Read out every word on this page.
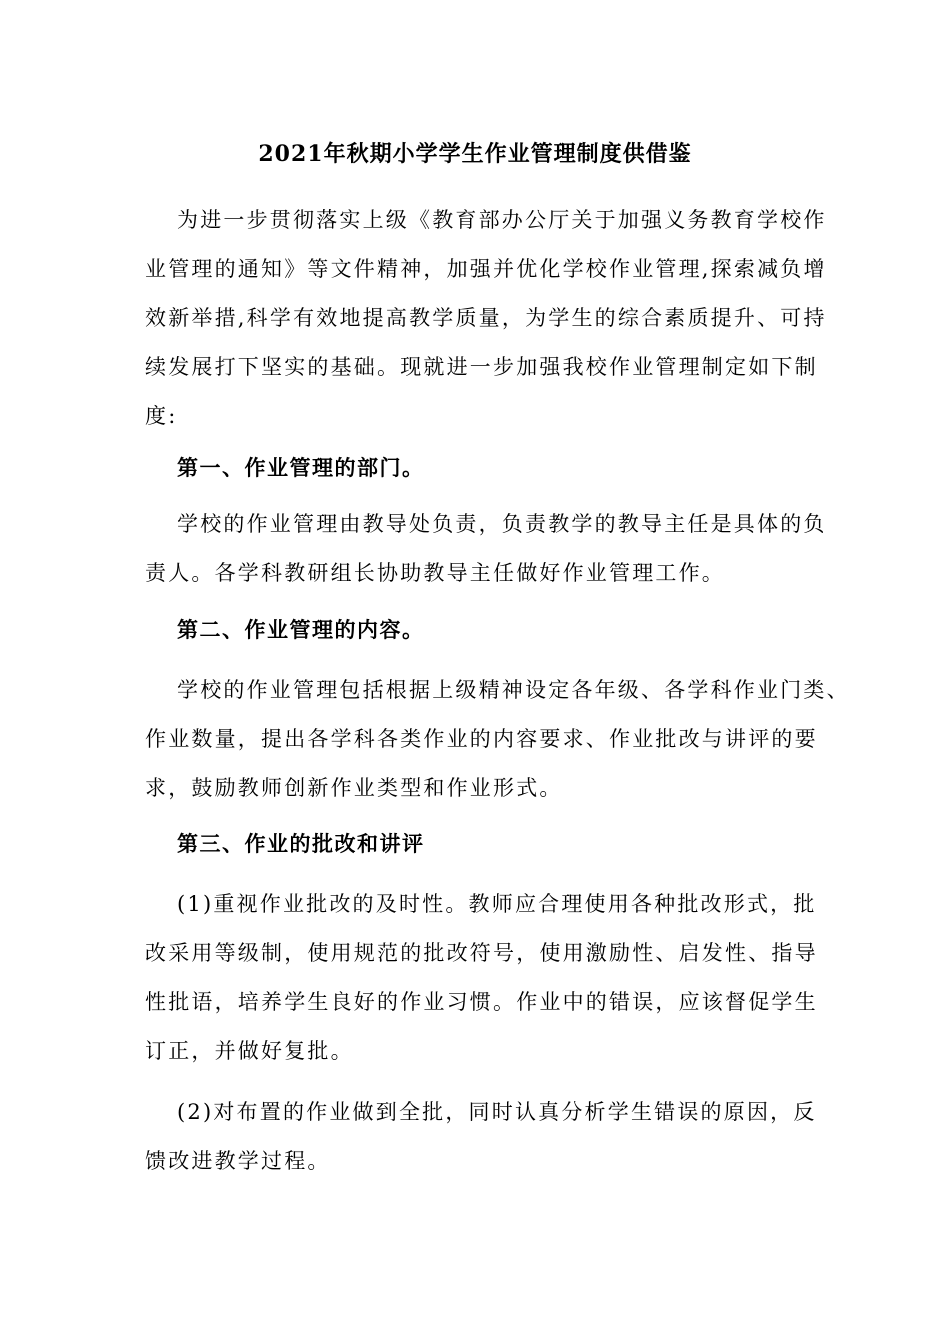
2021年秋期小学学生作业管理制度供借鉴
为进一步贯彻落实上级《教育部办公厅关于加强义务教育学校作
业管理的通知》等文件精神，加强并优化学校作业管理,探索减负增
效新举措,科学有效地提高教学质量，为学生的综合素质提升、可持
续发展打下坚实的基础。现就进一步加强我校作业管理制定如下制
度:
第一、作业管理的部门。
学校的作业管理由教导处负责，负责教学的教导主任是具体的负
责人。各学科教研组长协助教导主任做好作业管理工作。
第二、作业管理的内容。
学校的作业管理包括根据上级精神设定各年级、各学科作业门类、
作业数量，提出各学科各类作业的内容要求、作业批改与讲评的要
求，鼓励教师创新作业类型和作业形式。
第三、作业的批改和讲评
(1)重视作业批改的及时性。教师应合理使用各种批改形式，批
改采用等级制，使用规范的批改符号，使用激励性、启发性、指导
性批语，培养学生良好的作业习惯。作业中的错误，应该督促学生
订正，并做好复批。
(2)对布置的作业做到全批，同时认真分析学生错误的原因，反
馈改进教学过程。
